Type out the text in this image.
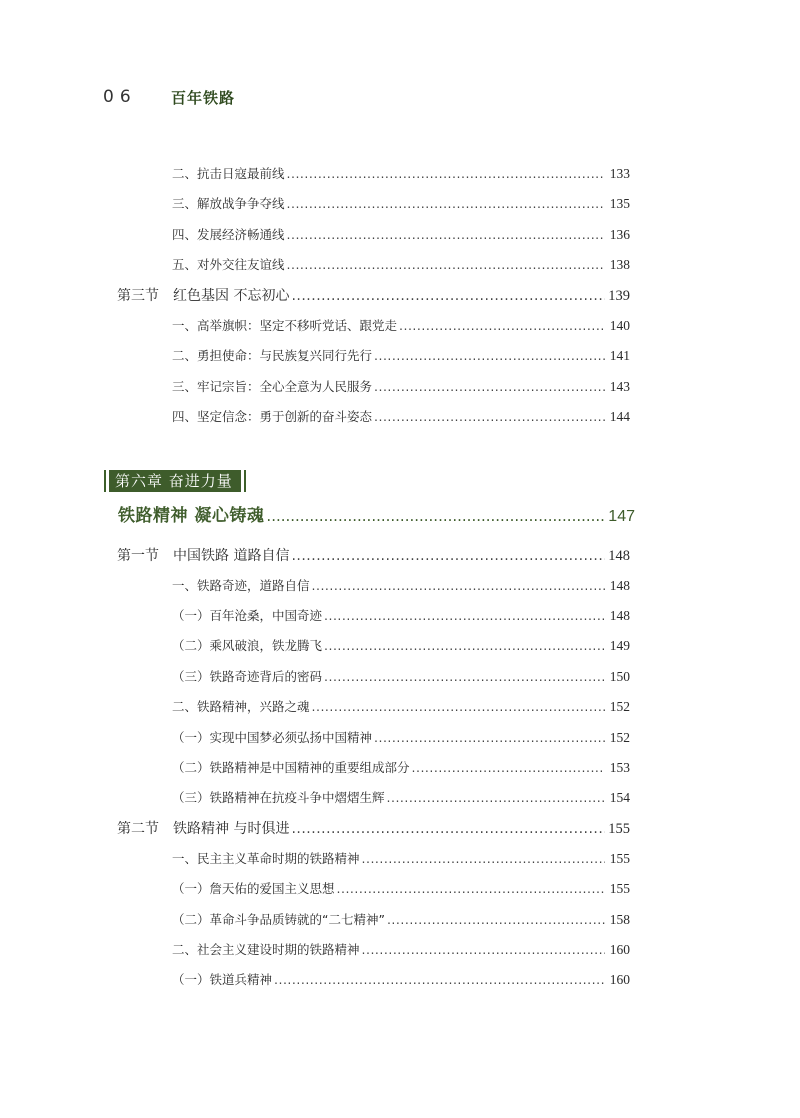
06	百年铁路
二、抗击日寇最前线 .....	133
三、解放战争争夺线 .....	135
四、发展经济畅通线 .....	136
五、对外交往友谊线 .....	138
第三节　红色基因 不忘初心 .....	139
一、高举旗帜：坚定不移听党话、跟党走 .....	140
二、勇担使命：与民族复兴同行先行 .....	141
三、牢记宗旨：全心全意为人民服务 .....	143
四、坚定信念：勇于创新的奋斗姿态 .....	144
第六章 奋进力量
铁路精神 凝心铸魂 .....	147
第一节　中国铁路 道路自信 .....	148
一、铁路奇迹，道路自信 .....	148
（一）百年沧桑，中国奇迹 .....	148
（二）乘风破浪，铁龙腾飞 .....	149
（三）铁路奇迹背后的密码 .....	150
二、铁路精神，兴路之魂 .....	152
（一）实现中国梦必须弘扬中国精神 .....	152
（二）铁路精神是中国精神的重要组成部分 .....	153
（三）铁路精神在抗疫斗争中熠熠生辉 .....	154
第二节　铁路精神 与时俱进 .....	155
一、民主主义革命时期的铁路精神 .....	155
（一）詹天佑的爱国主义思想 .....	155
（二）革命斗争品质铸就的“二七精神” .....	158
二、社会主义建设时期的铁路精神 .....	160
（一）铁道兵精神 .....	160
